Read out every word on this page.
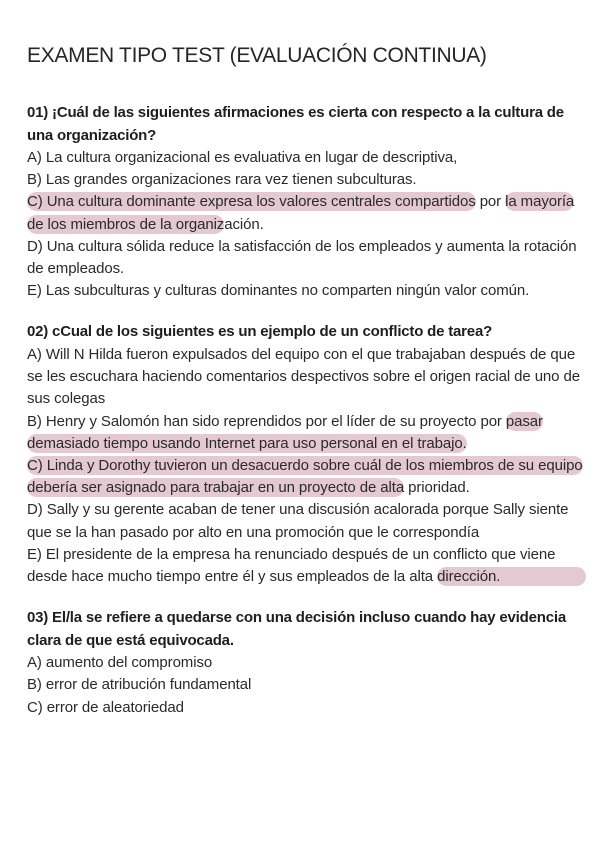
EXAMEN TIPO TEST (EVALUACIÓN CONTINUA)
01) ¡Cuál de las siguientes afirmaciones es cierta con respecto a la cultura de una organización?
A) La cultura organizacional es evaluativa en lugar de descriptiva,
B) Las grandes organizaciones rara vez tienen subculturas.
C) Una cultura dominante expresa los valores centrales compartidos por la mayoría de los miembros de la organización.
D) Una cultura sólida reduce la satisfacción de los empleados y aumenta la rotación de empleados.
E) Las subculturas y culturas dominantes no comparten ningún valor común.
02) cCual de los siguientes es un ejemplo de un conflicto de tarea?
A) Will N Hilda fueron expulsados del equipo con el que trabajaban después de que se les escuchara haciendo comentarios despectivos sobre el origen racial de uno de sus colegas
B) Henry y Salomón han sido reprendidos por el líder de su proyecto por pasar demasiado tiempo usando Internet para uso personal en el trabajo.
C) Linda y Dorothy tuvieron un desacuerdo sobre cuál de los miembros de su equipo debería ser asignado para trabajar en un proyecto de alta prioridad.
D) Sally y su gerente acaban de tener una discusión acalorada porque Sally siente que se la han pasado por alto en una promoción que le correspondía
E) El presidente de la empresa ha renunciado después de un conflicto que viene desde hace mucho tiempo entre él y sus empleados de la alta dirección.
03) El/la se refiere a quedarse con una decisión incluso cuando hay evidencia clara de que está equivocada.
A) aumento del compromiso
B) error de atribución fundamental
C) error de aleatoriedad
